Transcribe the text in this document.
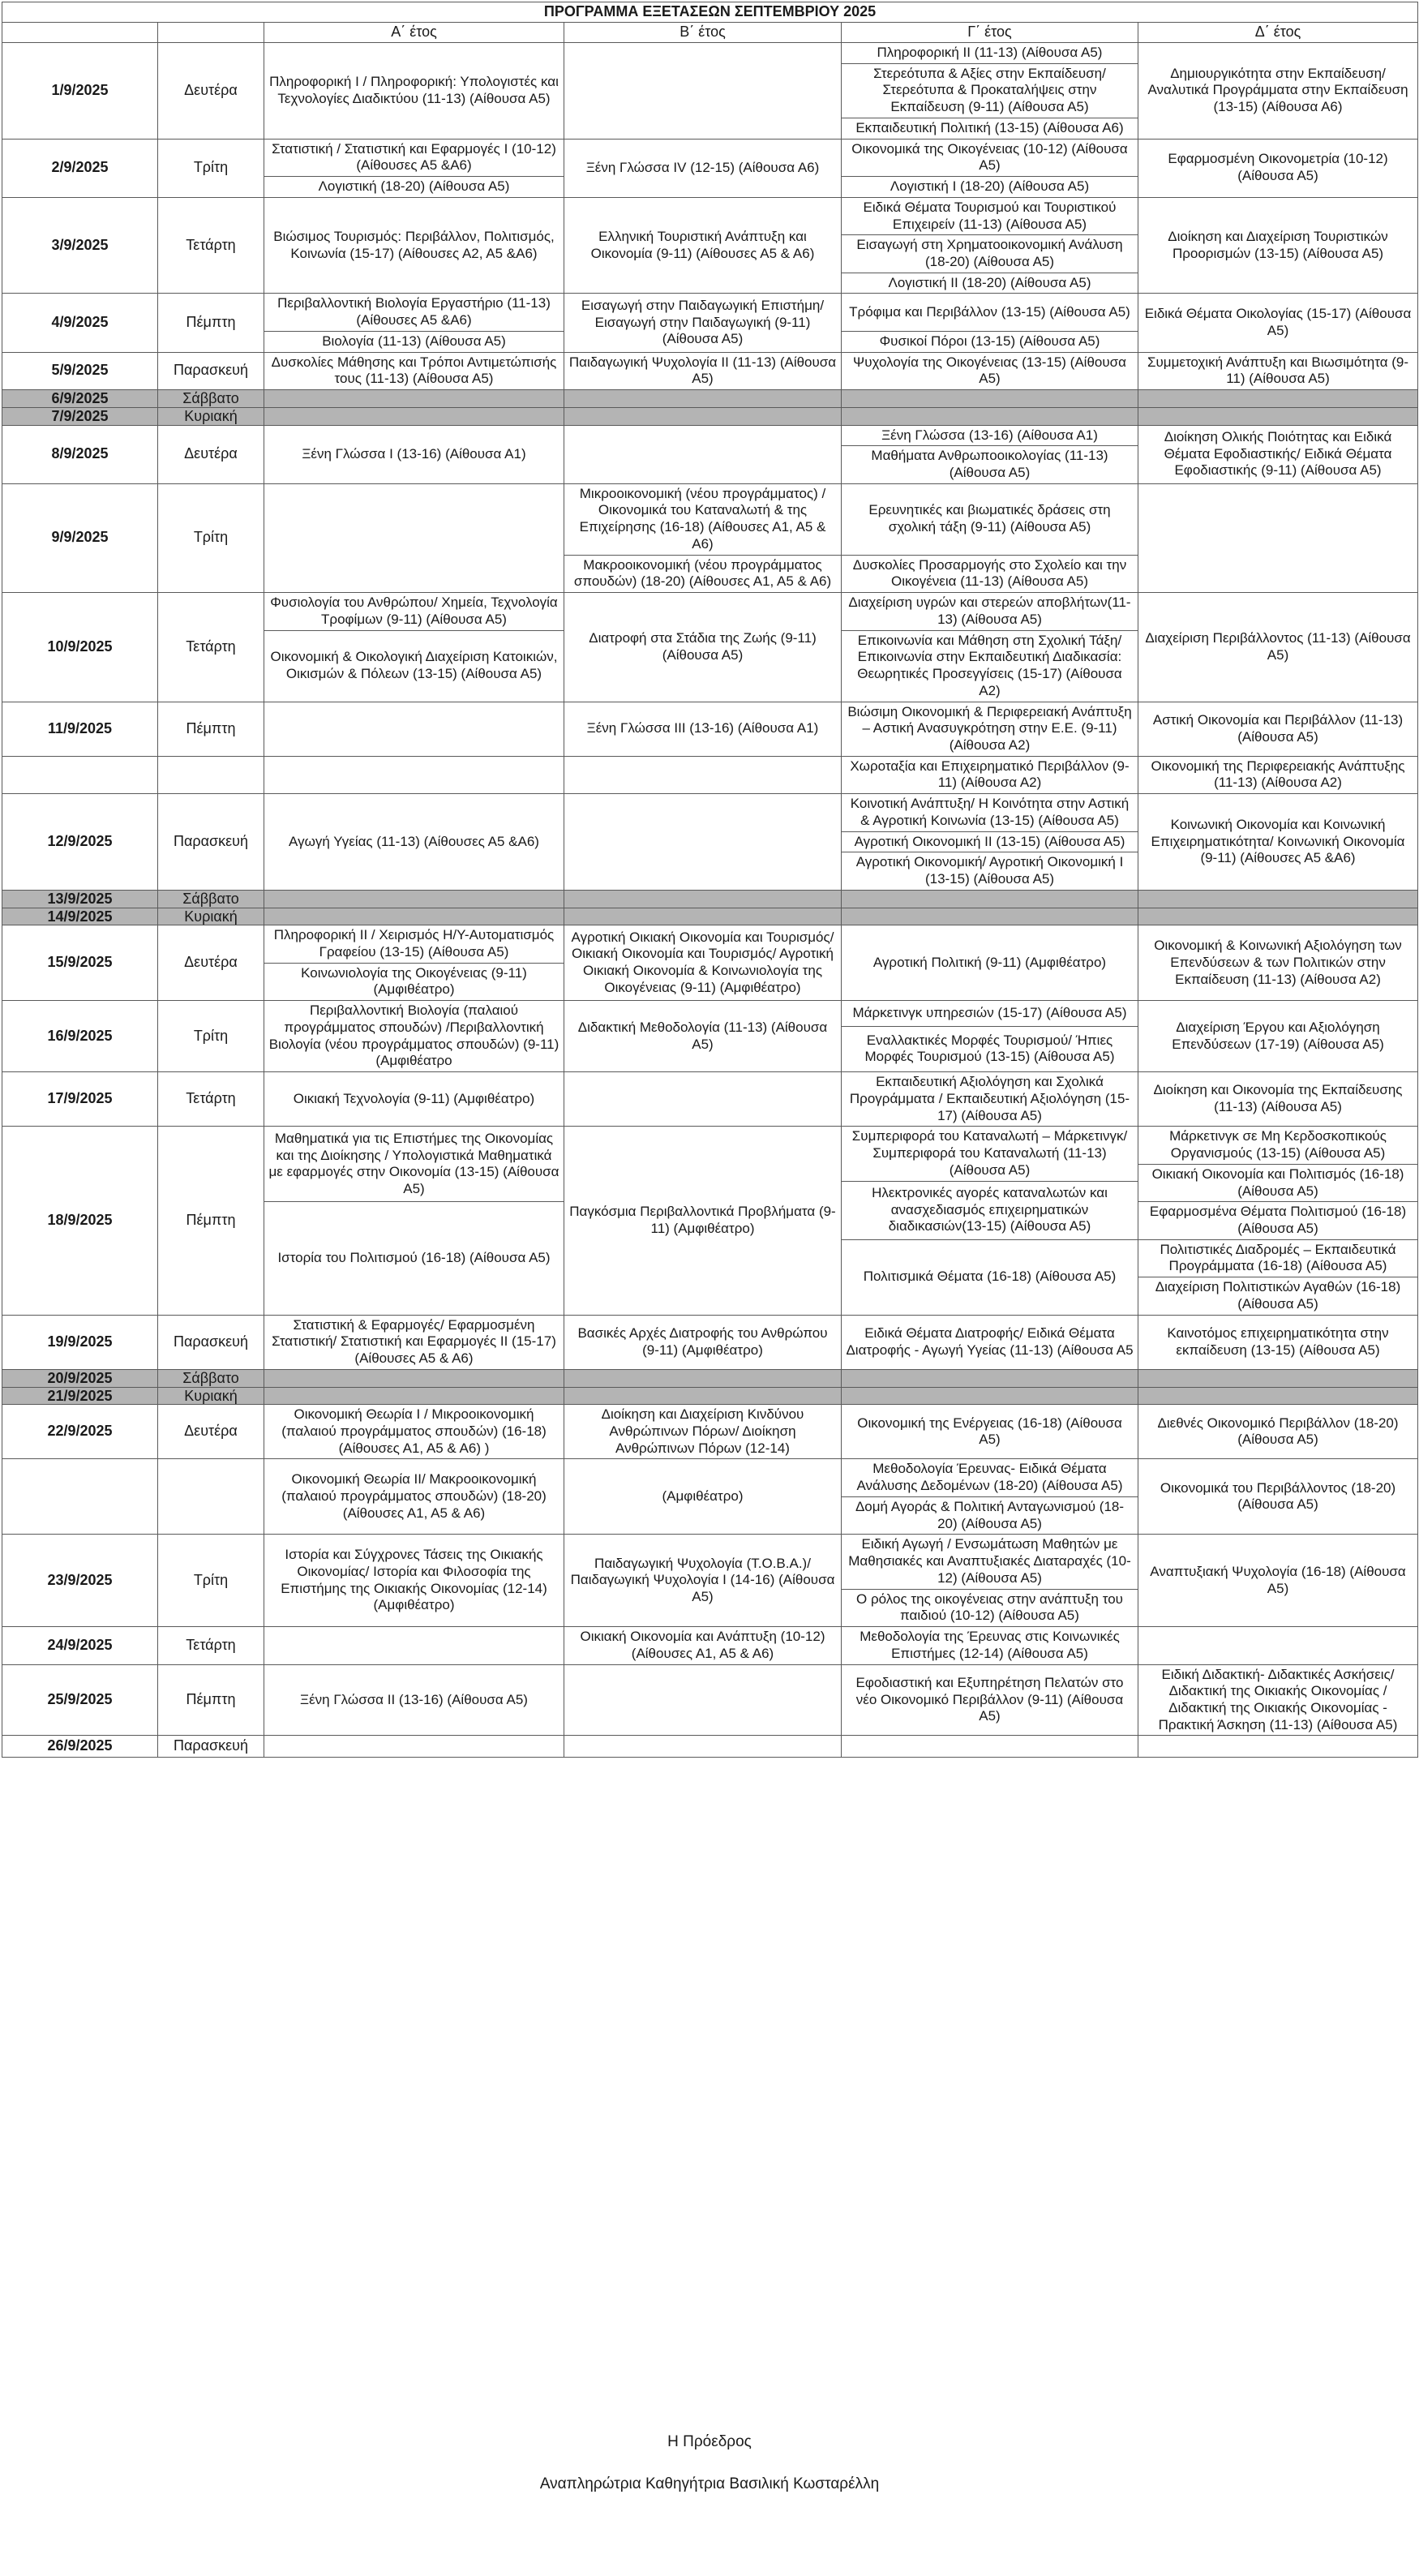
ΠΡΟΓΡΑΜΜΑ ΕΞΕΤΑΣΕΩΝ ΣΕΠΤΕΜΒΡΙΟΥ 2025					
		Α΄ έτος	Β΄ έτος	Γ΄ έτος	Δ΄ έτος
1/9/2025	Δευτέρα	Πληροφορική Ι / Πληροφορική: Υπολογιστές και Τεχνολογίες Διαδικτύου (11-13) (Αίθουσα Α5)		Πληροφορική ΙΙ (11-13) (Αίθουσα Α5)	Δημιουργικότητα στην Εκπαίδευση/ Αναλυτικά Προγράμματα στην Εκπαίδευση (13-15) (Αίθουσα Α6)
				Στερεότυπα & Αξίες στην Εκπαίδευση/ Στερεότυπα & Προκαταλήψεις στην Εκπαίδευση (9-11) (Αίθουσα Α5)	
				Εκπαιδευτική Πολιτική (13-15) (Αίθουσα Α6)	
2/9/2025	Τρίτη	Στατιστική / Στατιστική και Εφαρμογές Ι (10-12) (Αίθουσες Α5 &Α6)	Ξένη Γλώσσα IV (12-15) (Αίθουσα Α6)	Οικονομικά της Οικογένειας (10-12) (Αίθουσα Α5)	Εφαρμοσμένη Οικονομετρία (10-12) (Αίθουσα Α5)
		Λογιστική (18-20) (Αίθουσα Α5)		Λογιστική Ι (18-20) (Αίθουσα Α5)	
3/9/2025	Τετάρτη	Βιώσιμος Τουρισμός: Περιβάλλον, Πολιτισμός, Κοινωνία (15-17) (Αίθουσες Α2, Α5 &Α6)	Ελληνική Τουριστική Ανάπτυξη και Οικονομία (9-11) (Αίθουσες Α5 & Α6)	Ειδικά Θέματα Τουρισμού και Τουριστικού Επιχειρείν (11-13) (Αίθουσα Α5)	Διοίκηση και Διαχείριση Τουριστικών Προορισμών (13-15) (Αίθουσα Α5)
				Εισαγωγή στη Χρηματοοικονομική Ανάλυση (18-20) (Αίθουσα Α5)	
				Λογιστική ΙΙ (18-20) (Αίθουσα Α5)	
4/9/2025	Πέμπτη	Περιβαλλοντική Βιολογία Εργαστήριο (11-13) (Αίθουσες Α5 &Α6)	Εισαγωγή στην Παιδαγωγική Επιστήμη/ Εισαγωγή στην Παιδαγωγική (9-11) (Αίθουσα Α5)	Τρόφιμα και Περιβάλλον (13-15) (Αίθουσα Α5)	Ειδικά Θέματα Οικολογίας (15-17) (Αίθουσα Α5)
		Βιολογία (11-13) (Αίθουσα Α5)		Φυσικοί Πόροι (13-15) (Αίθουσα Α5)	
5/9/2025	Παρασκευή	Δυσκολίες Μάθησης και Τρόποι Αντιμετώπισής τους (11-13) (Αίθουσα Α5)	Παιδαγωγική Ψυχολογία ΙΙ (11-13) (Αίθουσα Α5)	Ψυχολογία της Οικογένειας (13-15) (Αίθουσα Α5)	Συμμετοχική Ανάπτυξη και Βιωσιμότητα (9-11) (Αίθουσα Α5)
6/9/2025	Σάββατο				
7/9/2025	Κυριακή				
8/9/2025	Δευτέρα	Ξένη Γλώσσα Ι (13-16) (Αίθουσα Α1)		Ξένη Γλώσσα (13-16) (Αίθουσα Α1)	Διοίκηση Ολικής Ποιότητας και Ειδικά Θέματα Εφοδιαστικής/ Ειδικά Θέματα Εφοδιαστικής (9-11) (Αίθουσα Α5)
				Μαθήματα Ανθρωποοικολογίας (11-13) (Αίθουσα Α5)	
9/9/2025	Τρίτη		Μικροοικονομική (νέου προγράμματος) / Οικονομικά του Καταναλωτή & της Επιχείρησης (16-18) (Αίθουσες Α1, Α5 & Α6)	Ερευνητικές και βιωματικές δράσεις στη σχολική τάξη (9-11) (Αίθουσα Α5)	
			Μακροοικονομική (νέου προγράμματος σπουδών) (18-20) (Αίθουσες Α1, Α5 & Α6)	Δυσκολίες Προσαρμογής στο Σχολείο και την Οικογένεια (11-13) (Αίθουσα Α5)	
10/9/2025	Τετάρτη	Φυσιολογία του Ανθρώπου/ Χημεία, Τεχνολογία Τροφίμων (9-11) (Αίθουσα Α5)	Διατροφή στα Στάδια της Ζωής (9-11) (Αίθουσα Α5)	Διαχείριση υγρών και στερεών αποβλήτων(11-13) (Αίθουσα Α5)	Διαχείριση Περιβάλλοντος (11-13) (Αίθουσα Α5)
		Οικονομική & Οικολογική Διαχείριση Κατοικιών, Οικισμών & Πόλεων (13-15) (Αίθουσα Α5)		Επικοινωνία και Μάθηση στη Σχολική Τάξη/ Επικοινωνία στην Εκπαιδευτική Διαδικασία: Θεωρητικές Προσεγγίσεις (15-17) (Αίθουσα Α2)	
11/9/2025	Πέμπτη		Ξένη Γλώσσα ΙΙΙ (13-16) (Αίθουσα Α1)	Βιώσιμη Οικονομική & Περιφερειακή Ανάπτυξη – Αστική Ανασυγκρότηση στην Ε.Ε. (9-11) (Αίθουσα Α2)	Αστική Οικονομία και Περιβάλλον (11-13) (Αίθουσα Α5)
				Χωροταξία και Επιχειρηματικό Περιβάλλον (9-11) (Αίθουσα Α2)	Οικονομική της Περιφερειακής Ανάπτυξης (11-13) (Αίθουσα Α2)
12/9/2025	Παρασκευή	Αγωγή Υγείας (11-13) (Αίθουσες Α5 &Α6)		Κοινοτική Ανάπτυξη/ Η Κοινότητα στην Αστική & Αγροτική Κοινωνία (13-15) (Αίθουσα Α5)	Κοινωνική Οικονομία και Κοινωνική Επιχειρηματικότητα/ Κοινωνική Οικονομία (9-11) (Αίθουσες Α5 &Α6)
				Αγροτική Οικονομική ΙΙ (13-15) (Αίθουσα Α5)	
				Αγροτική Οικονομική/ Αγροτική Οικονομική Ι (13-15) (Αίθουσα Α5)	
13/9/2025	Σάββατο				
14/9/2025	Κυριακή				
15/9/2025	Δευτέρα	Πληροφορική ΙΙ / Χειρισμός Η/Υ-Αυτοματισμός Γραφείου (13-15) (Αίθουσα Α5)	Αγροτική Οικιακή Οικονομία και Τουρισμός/ Οικιακή Οικονομία και Τουρισμός/ Αγροτική Οικιακή Οικονομία & Κοινωνιολογία της Οικογένειας (9-11) (Αμφιθέατρο)	Αγροτική Πολιτική (9-11) (Αμφιθέατρο)	Οικονομική & Κοινωνική Αξιολόγηση των Επενδύσεων & των Πολιτικών στην Εκπαίδευση (11-13) (Αίθουσα Α2)
		Κοινωνιολογία της Οικογένειας (9-11) (Αμφιθέατρο)			
16/9/2025	Τρίτη	Περιβαλλοντική Βιολογία (παλαιού προγράμματος σπουδών) /Περιβαλλοντική Βιολογία (νέου προγράμματος σπουδών) (9-11) (Αμφιθέατρο	Διδακτική Μεθοδολογία (11-13) (Αίθουσα Α5)	Μάρκετινγκ υπηρεσιών (15-17) (Αίθουσα Α5)	Διαχείριση Έργου και Αξιολόγηση Επενδύσεων (17-19) (Αίθουσα Α5)
				Εναλλακτικές Μορφές Τουρισμού/ Ήπιες Μορφές Τουρισμού (13-15) (Αίθουσα Α5)	
17/9/2025	Τετάρτη	Οικιακή Τεχνολογία (9-11) (Αμφιθέατρο)		Εκπαιδευτική Αξιολόγηση και Σχολικά Προγράμματα / Εκπαιδευτική Αξιολόγηση (15-17) (Αίθουσα Α5)	Διοίκηση και Οικονομία της Εκπαίδευσης (11-13) (Αίθουσα Α5)
18/9/2025	Πέμπτη	Μαθηματικά για τις Επιστήμες της Οικονομίας και της Διοίκησης / Υπολογιστικά Μαθηματικά με εφαρμογές στην Οικονομία (13-15) (Αίθουσα Α5)	Παγκόσμια Περιβαλλοντικά Προβλήματα (9-11) (Αμφιθέατρο)	Συμπεριφορά του Καταναλωτή – Μάρκετινγκ/ Συμπεριφορά του Καταναλωτή (11-13) (Αίθουσα Α5)	Μάρκετινγκ σε Μη Κερδοσκοπικούς Οργανισμούς (13-15) (Αίθουσα Α5)

					Οικιακή Οικονομία και Πολιτισμός (16-18) (Αίθουσα Α5)

				Ηλεκτρονικές αγορές καταναλωτών και ανασχεδιασμός επιχειρηματικών διαδικασιών(13-15) (Αίθουσα Α5)	

					Εφαρμοσμένα Θέματα Πολιτισμού (16-18) (Αίθουσα Α5)

		Ιστορία του Πολιτισμού (16-18) (Αίθουσα Α5)			

					Πολιτιστικές Διαδρομές – Εκπαιδευτικά Προγράμματα (16-18) (Αίθουσα Α5)

				Πολιτισμικά Θέματα (16-18) (Αίθουσα Α5)	

					Διαχείριση Πολιτιστικών Αγαθών (16-18) (Αίθουσα Α5)

19/9/2025	Παρασκευή	Στατιστική & Εφαρμογές/ Εφαρμοσμένη Στατιστική/ Στατιστική και Εφαρμογές ΙΙ (15-17) (Αίθουσες Α5 & Α6)	Βασικές Αρχές Διατροφής του Ανθρώπου (9-11) (Αμφιθέατρο)	Ειδικά Θέματα Διατροφής/ Ειδικά Θέματα Διατροφής - Αγωγή Υγείας (11-13) (Αίθουσα Α5	Καινοτόμος επιχειρηματικότητα στην εκπαίδευση (13-15) (Αίθουσα Α5)
20/9/2025	Σάββατο				
21/9/2025	Κυριακή				
22/9/2025	Δευτέρα	Οικονομική Θεωρία Ι / Μικροοικονομική (παλαιού προγράμματος σπουδών) (16-18) (Αίθουσες Α1, Α5 & Α6) )	Διοίκηση και Διαχείριση Κινδύνου Ανθρώπινων Πόρων/ Διοίκηση Ανθρώπινων Πόρων (12-14)	Οικονομική της Ενέργειας (16-18) (Αίθουσα Α5)	Διεθνές Οικονομικό Περιβάλλον (18-20) (Αίθουσα Α5)
		Οικονομική Θεωρία ΙΙ/ Μακροοικονομική (παλαιού προγράμματος σπουδών) (18-20) (Αίθουσες Α1, Α5 & Α6)	(Αμφιθέατρο)	Μεθοδολογία Έρευνας- Ειδικά Θέματα Ανάλυσης Δεδομένων (18-20) (Αίθουσα Α5)	Οικονομικά του Περιβάλλοντος (18-20) (Αίθουσα Α5)
				Δομή Αγοράς & Πολιτική Ανταγωνισμού (18-20) (Αίθουσα Α5)	
23/9/2025	Τρίτη	Ιστορία και Σύγχρονες Τάσεις της Οικιακής Οικονομίας/ Ιστορία και Φιλοσοφία της Επιστήμης της Οικιακής Οικονομίας (12-14) (Αμφιθέατρο)	Παιδαγωγική Ψυχολογία (Τ.Ο.Β.Α.)/ Παιδαγωγική Ψυχολογία Ι (14-16) (Αίθουσα Α5)	Ειδική Αγωγή / Ενσωμάτωση Μαθητών με Μαθησιακές και Αναπτυξιακές Διαταραχές (10-12) (Αίθουσα Α5)	Αναπτυξιακή Ψυχολογία (16-18) (Αίθουσα Α5)
				Ο ρόλος της οικογένειας στην ανάπτυξη του παιδιού (10-12) (Αίθουσα Α5)	
24/9/2025	Τετάρτη		Οικιακή Οικονομία και Ανάπτυξη (10-12) (Αίθουσες Α1, Α5 & Α6)	Μεθοδολογία της Έρευνας στις Κοινωνικές Επιστήμες (12-14) (Αίθουσα Α5)	
25/9/2025	Πέμπτη	Ξένη Γλώσσα ΙΙ (13-16) (Αίθουσα Α5)		Εφοδιαστική και Εξυπηρέτηση Πελατών στο νέο Οικονομικό Περιβάλλον (9-11) (Αίθουσα Α5)	Ειδική Διδακτική- Διδακτικές Ασκήσεις/ Διδακτική της Οικιακής Οικονομίας / Διδακτική της Οικιακής Οικονομίας - Πρακτική Άσκηση (11-13) (Αίθουσα Α5)
26/9/2025	Παρασκευή				
Η Πρόεδρος
Αναπληρώτρια Καθηγήτρια Βασιλική Κωσταρέλλη
